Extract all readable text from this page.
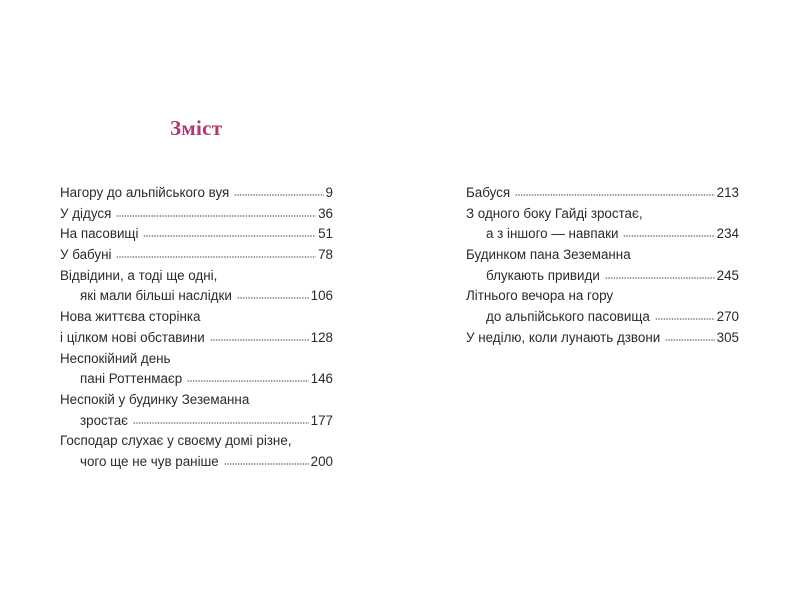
Зміст
Нагору до альпійського вуя	9
У дідуся	36
На пасовищі	51
У бабуні	78
Відвідини, а тоді ще одні,
які мали більші наслідки	106
Нова життєва сторінка
і цілком нові обставини	128
Неспокійний день
пані Роттенмаєр	146
Неспокій у будинку Зеземанна
зростає	177
Господар слухає у своєму домі різне,
чого ще не чув раніше	200
Бабуся	213
З одного боку Гайді зростає,
а з іншого — навпаки	234
Будинком пана Зеземанна
блукають привиди	245
Літнього вечора на гору
до альпійського пасовища	270
У неділю, коли лунають дзвони	305
